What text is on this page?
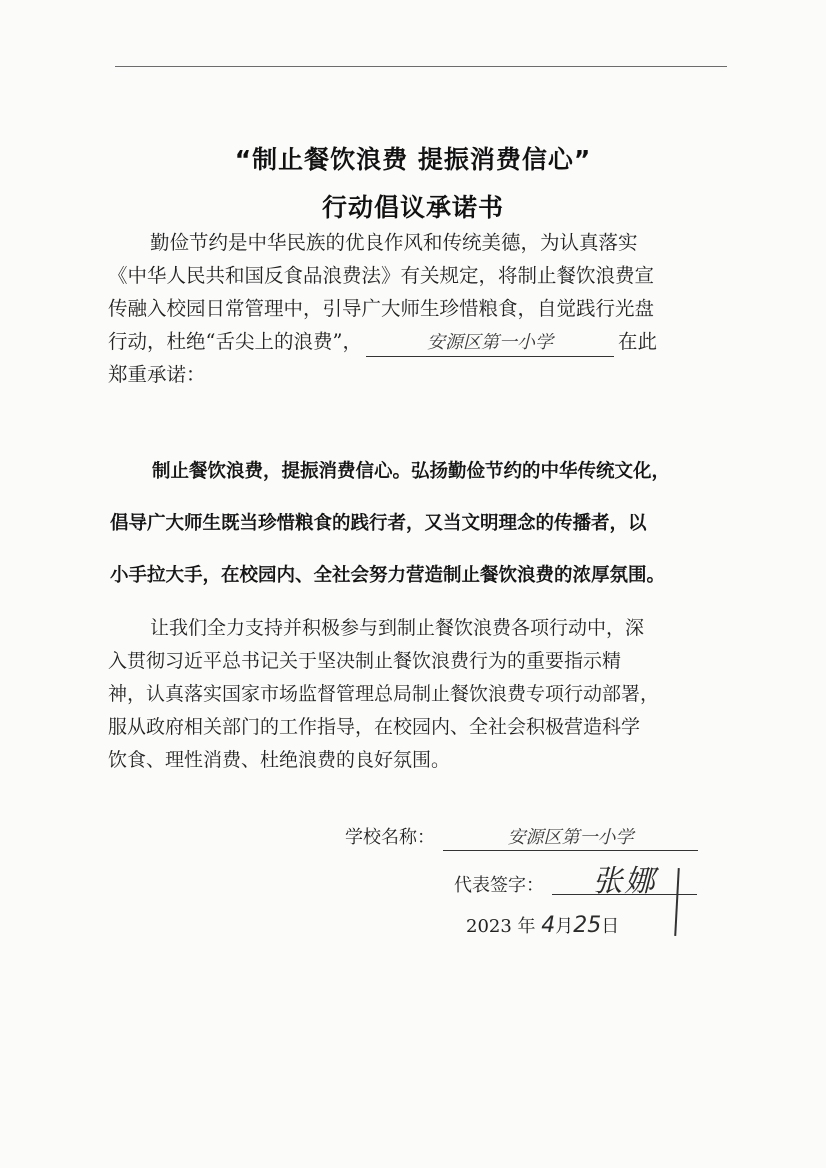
“制止餐饮浪费 提振消费信心”
行动倡议承诺书
勤俭节约是中华民族的优良作风和传统美德，为认真落实
《中华人民共和国反食品浪费法》有关规定，将制止餐饮浪费宣
传融入校园日常管理中，引导广大师生珍惜粮食，自觉践行光盘
行动，杜绝“舌尖上的浪费”，	安源区第一小学	在此
郑重承诺：
制止餐饮浪费，提振消费信心。弘扬勤俭节约的中华传统文化，
倡导广大师生既当珍惜粮食的践行者，又当文明理念的传播者，以
小手拉大手，在校园内、全社会努力营造制止餐饮浪费的浓厚氛围。
让我们全力支持并积极参与到制止餐饮浪费各项行动中，深
入贯彻习近平总书记关于坚决制止餐饮浪费行为的重要指示精
神，认真落实国家市场监督管理总局制止餐饮浪费专项行动部署，
服从政府相关部门的工作指导，在校园内、全社会积极营造科学
饮食、理性消费、杜绝浪费的良好氛围。
学校名称：	安源区第一小学
代表签字： 张娜
2023 年 4月25日
